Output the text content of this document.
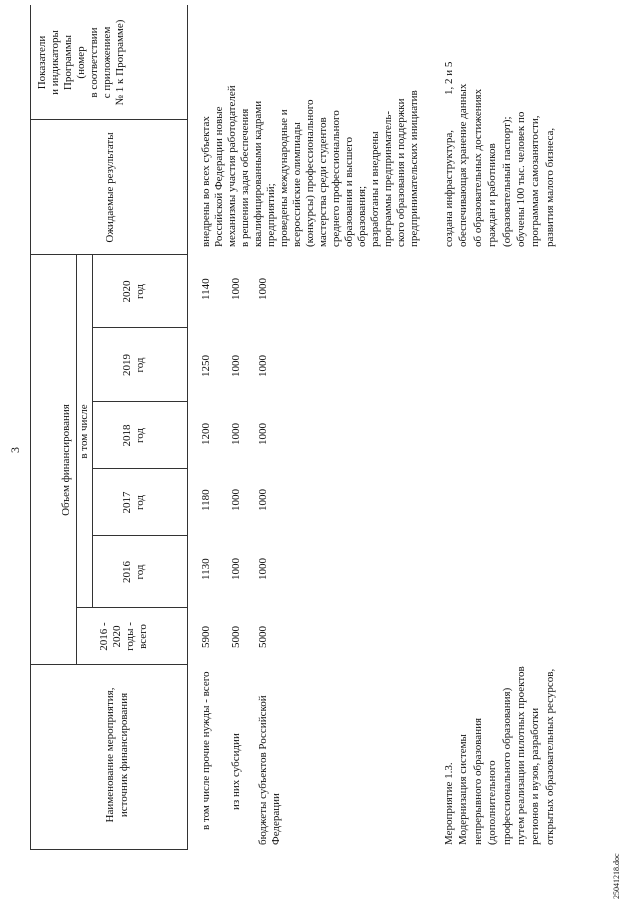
3
Наименование мероприятия, источник финансирования
Объем финансирования
2016 - 2020 годы - всего
в том числе
2016 год
2017 год
2018 год
2019 год
2020 год
Ожидаемые результаты
Показатели и индикаторы Программы (номер в соответствии с приложением № 1 к Программе)
в том числе прочие нужды - всего
5900
1130
1180
1200
1250
1140
из них субсидии
5000
1000
1000
1000
1000
1000
бюджеты субъектов Российской Федерации
5000
1000
1000
1000
1000
1000
внедрены во всех субъектах Российской Федерации новые механизмы участия работодателей в решении задач обеспечения квалифицированными кадрами предприятий; проведены международные и всероссийские олимпиады (конкурсы) профессионального мастерства среди студентов среднего профессионального образования и высшего образования; разработаны и внедрены программы предпринматель- ского образования и поддержки предпринимательских инициатив
Мероприятие 1.3. Модернизация системы непрерывного образования (дополнительного профессионального образования) путем реализации пилотных проектов регионов и вузов, разработки открытых образовательных ресурсов,
создана инфраструктура, обеспечивающая хранение данных об образовательных достижениях граждан и работников (образовательный паспорт); обучены 100 тыс. человек по программам самозанятости, развития малого бизнеса,
1, 2 и 5
25041218.doc
